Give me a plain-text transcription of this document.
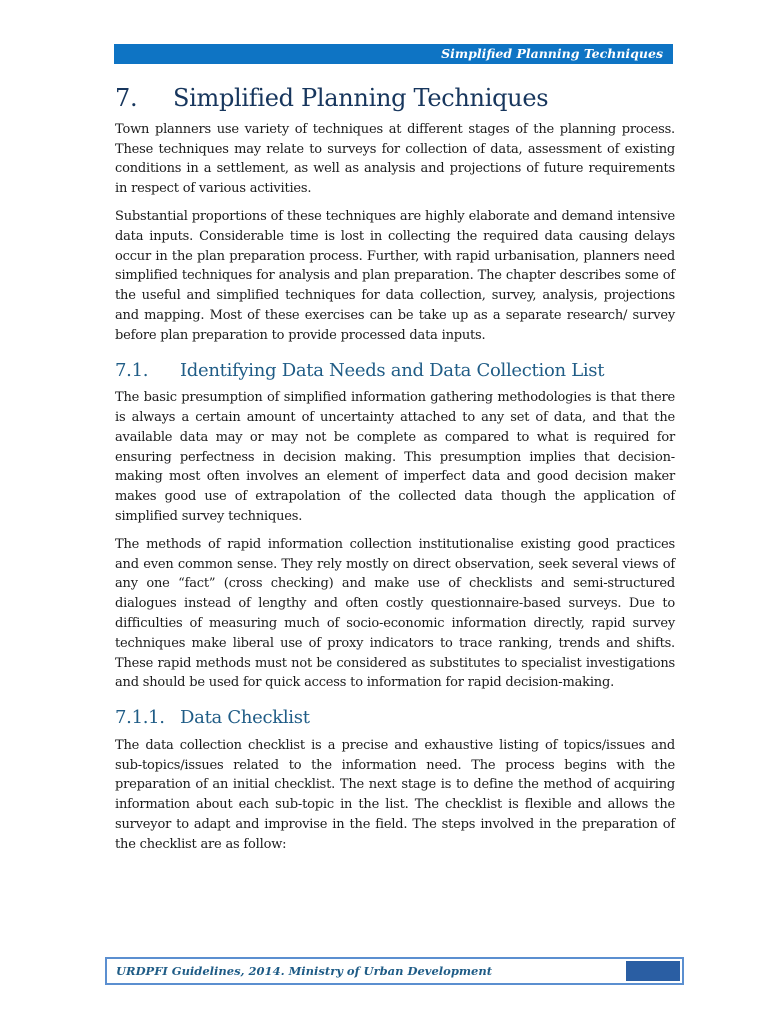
Simplified Planning Techniques
7. Simplified Planning Techniques

Town planners use variety of techniques at different stages of the planning process. These techniques may relate to surveys for collection of data, assessment of existing conditions in a settlement, as well as analysis and projections of future requirements in respect of various activities.

Substantial proportions of these techniques are highly elaborate and demand intensive data inputs. Considerable time is lost in collecting the required data causing delays occur in the plan preparation process. Further, with rapid urbanisation, planners need simplified techniques for analysis and plan preparation. The chapter describes some of the useful and simplified techniques for data collection, survey, analysis, projections and mapping. Most of these exercises can be take up as a separate research/ survey before plan preparation to provide processed data inputs.

7.1. Identifying Data Needs and Data Collection List

The basic presumption of simplified information gathering methodologies is that there is always a certain amount of uncertainty attached to any set of data, and that the available data may or may not be complete as compared to what is required for ensuring perfectness in decision making. This presumption implies that decision-making most often involves an element of imperfect data and good decision maker makes good use of extrapolation of the collected data though the application of simplified survey techniques.

The methods of rapid information collection institutionalise existing good practices and even common sense. They rely mostly on direct observation, seek several views of any one “fact” (cross checking) and make use of checklists and semi-structured dialogues instead of lengthy and often costly questionnaire-based surveys. Due to difficulties of measuring much of socio-economic information directly, rapid survey techniques make liberal use of proxy indicators to trace ranking, trends and shifts. These rapid methods must not be considered as substitutes to specialist investigations and should be used for quick access to information for rapid decision-making.

7.1.1. Data Checklist

The data collection checklist is a precise and exhaustive listing of topics/issues and sub-topics/issues related to the information need. The process begins with the preparation of an initial checklist. The next stage is to define the method of acquiring information about each sub-topic in the list. The checklist is flexible and allows the surveyor to adapt and improvise in the field. The steps involved in the preparation of the checklist are as follow:

URDPFI Guidelines, 2014. Ministry of Urban Development
